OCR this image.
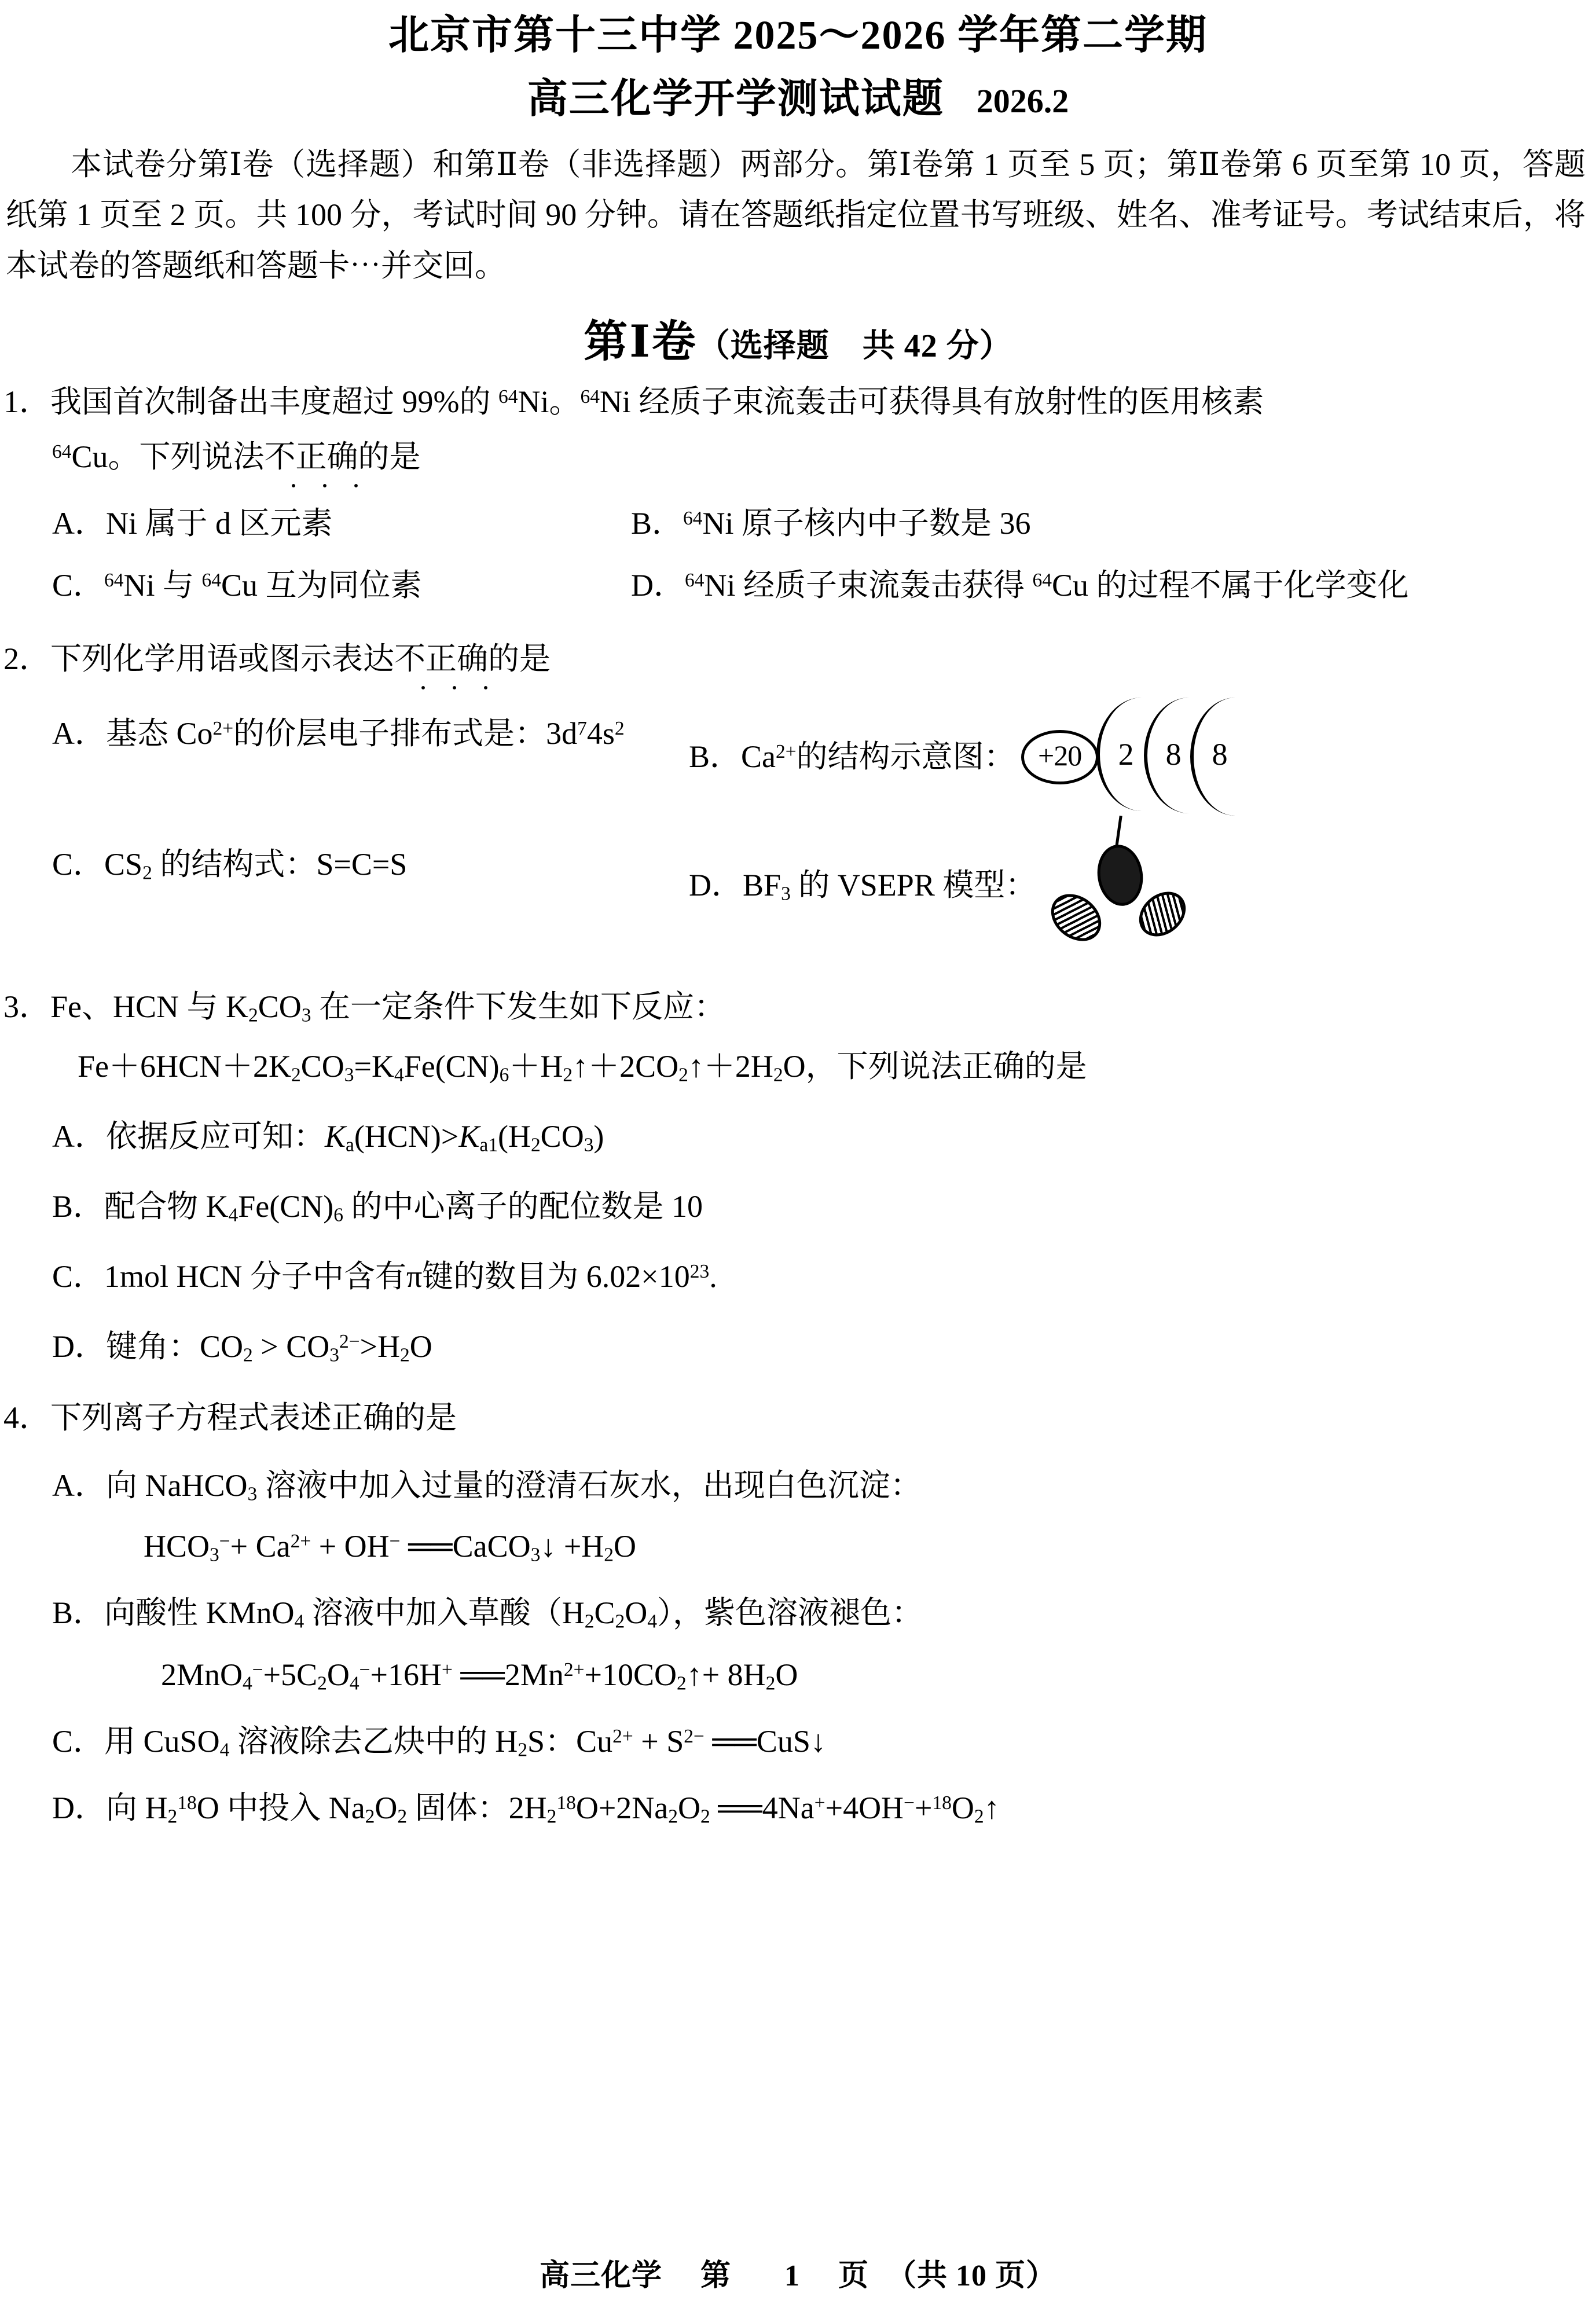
北京市第十三中学 2025～2026 学年第二学期
高三化学开学测试试题 2026.2
本试卷分第Ⅰ卷（选择题）和第Ⅱ卷（非选择题）两部分。第Ⅰ卷第 1 页至 5 页；第Ⅱ卷第 6 页至第 10 页，答题纸第 1 页至 2 页。共 100 分，考试时间 90 分钟。请在答题纸指定位置书写班级、姓名、准考证号。考试结束后，将本试卷的答题纸和答题卡⋯并交回。
第Ⅰ卷（选择题　共 42 分）
1．我国首次制备出丰度超过 99%的 $^{64}$Ni。$^{64}$Ni 经质子束流轰击可获得具有放射性的医用核素
$^{64}$Cu。下列说法不正确的是
A．Ni 属于 d 区元素	B．$^{64}$Ni 原子核内中子数是 36
C．$^{64}$Ni 与 $^{64}$Cu 互为同位素	D．$^{64}$Ni 经质子束流轰击获得 $^{64}$Cu 的过程不属于化学变化
2．下列化学用语或图示表达不正确的是
A．基态 $Co^{2+}$的价层电子排布式是：$3d^74s^2$
B．$Ca^{2+}$的结构示意图： +20	2 8 8
C．$CS_2$ 的结构式：S=C=S
D．$BF_3$ 的 VSEPR 模型：
3．Fe、HCN 与 $K_2CO_3$ 在一定条件下发生如下反应：
$Fe+6HCN+2K_2CO_3=K_4Fe(CN)_6+H_2↑+2CO_2↑+2H_2O$，下列说法正确的是
A．依据反应可知：$K_a(HCN)>K_{a1}(H_2CO_3)$
B．配合物 $K_4Fe(CN)_6$ 的中心离子的配位数是 10
C．1mol HCN 分子中含有π键的数目为 $6.02\times 10^{23}$.
D．键角：$CO_2 > CO_3^{2-}>H_2O$
4．下列离子方程式表述正确的是
A．向 NaHCO$_3$ 溶液中加入过量的澄清石灰水，出现白色沉淀：
$HCO_3^-+ Ca^{2+} + OH^-$ ══CaCO$_3$↓ $+H_2O$
B．向酸性 KMnO$_4$ 溶液中加入草酸$(H_2C_2O_4)$，紫色溶液褪色：
$2MnO_4^-+5C_2O_4^-+16H^+$ $══2Mn^{2+}+10CO_2↑+ 8H_2O$
C．用 CuSO$_4$ 溶液除去乙炔中的 $H_2S$：$Cu^{2+} + S^{2-}$ ══CuS↓
D．向 $H_2^{18}O$ 中投入 $Na_2O_2$ 固体：$2H_2^{18}O+2Na_2O_2$ $══4Na^++4OH^-+^{18}O_2↑$
高三化学 第 1 页 （共 10 页）
